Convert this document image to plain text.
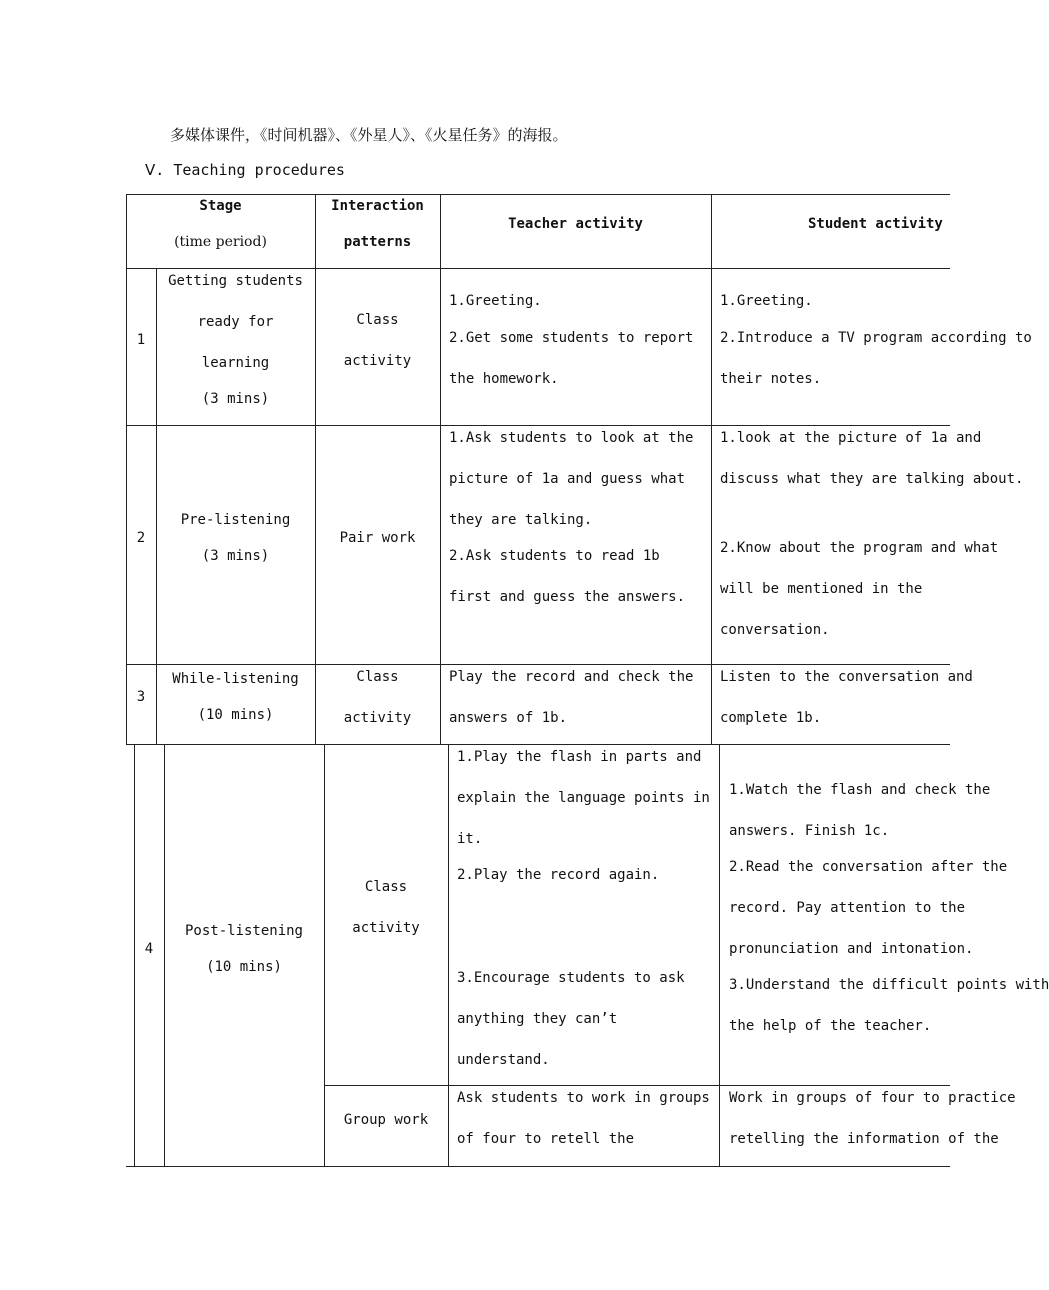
多媒体课件，《时间机器》、《外星人》、《火星任务》的海报。
Ⅴ. Teaching procedures
Stage
(time period)
Interaction
patterns
Teacher activity	Student activity
1
Getting students
ready for
learning
(3 mins)
Class
activity
1.Greeting.
2.Get some students to report
the homework.
1.Greeting.
2.Introduce a TV program according to
their notes.
2
Pre-listening
(3 mins)
Pair work
1.Ask students to look at the
picture of 1a and guess what
they are talking.
2.Ask students to read 1b
first and guess the answers.
1.look at the picture of 1a and
discuss what they are talking about.
2.Know about the program and what
will be mentioned in the
conversation.
3
While-listening
(10 mins)
Class
activity
Play the record and check the
answers of 1b.
Listen to the conversation and
complete 1b.
4
Post-listening
(10 mins)
Class
activity
1.Play the flash in parts and
explain the language points in
it.
2.Play the record again.
3.Encourage students to ask
anything they can’t
understand.
1.Watch the flash and check the
answers. Finish 1c.
2.Read the conversation after the
record. Pay attention to the
pronunciation and intonation.
3.Understand the difficult points with
the help of the teacher.
Group work
Ask students to work in groups
of four to retell the
Work in groups of four to practice
retelling the information of the
